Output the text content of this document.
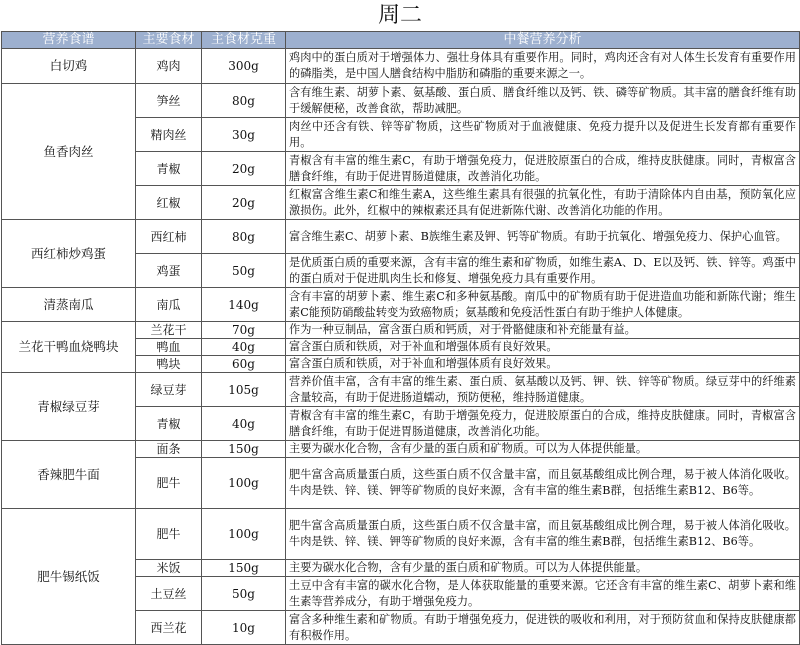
周二
营养食谱	主要食材	主食材克重	中餐营养分析
白切鸡	鸡肉	300g	鸡肉中的蛋白质对于增强体力、强壮身体具有重要作用。同时，鸡肉还含有对人体生长发育有重要作用的磷脂类，是中国人膳食结构中脂肪和磷脂的重要来源之一。
鱼香肉丝	笋丝	80g	含有维生素、胡萝卜素、氨基酸、蛋白质、膳食纤维以及钙、铁、磷等矿物质。其丰富的膳食纤维有助于缓解便秘，改善食欲，帮助减肥。
	精肉丝	30g	肉丝中还含有铁、锌等矿物质，这些矿物质对于血液健康、免疫力提升以及促进生长发育都有重要作用。
	青椒	20g	青椒含有丰富的维生素C，有助于增强免疫力，促进胶原蛋白的合成，维持皮肤健康。同时，青椒富含膳食纤维，有助于促进胃肠道健康，改善消化功能。
	红椒	20g	红椒富含维生素C和维生素A，这些维生素具有很强的抗氧化性，有助于清除体内自由基，预防氧化应激损伤。此外，红椒中的辣椒素还具有促进新陈代谢、改善消化功能的作用。
西红柿炒鸡蛋	西红柿	80g	富含维生素C、胡萝卜素、B族维生素及钾、钙等矿物质。有助于抗氧化、增强免疫力、保护心血管。
	鸡蛋	50g	是优质蛋白质的重要来源，含有丰富的维生素和矿物质，如维生素A、D、E以及钙、铁、锌等。鸡蛋中的蛋白质对于促进肌肉生长和修复、增强免疫力具有重要作用。
清蒸南瓜	南瓜	140g	含有丰富的胡萝卜素、维生素C和多种氨基酸。南瓜中的矿物质有助于促进造血功能和新陈代谢；维生素C能预防硝酸盐转变为致癌物质；氨基酸和免疫活性蛋白有助于维护人体健康。
兰花干鸭血烧鸭块	兰花干	70g	作为一种豆制品，富含蛋白质和钙质，对于骨骼健康和补充能量有益。
	鸭血	40g	富含蛋白质和铁质，对于补血和增强体质有良好效果。
	鸭块	60g	富含蛋白质和铁质，对于补血和增强体质有良好效果。
青椒绿豆芽	绿豆芽	105g	营养价值丰富，含有丰富的维生素、蛋白质、氨基酸以及钙、钾、铁、锌等矿物质。绿豆芽中的纤维素含量较高，有助于促进肠道蠕动，预防便秘，维持肠道健康。
	青椒	40g	青椒含有丰富的维生素C，有助于增强免疫力，促进胶原蛋白的合成，维持皮肤健康。同时，青椒富含膳食纤维，有助于促进胃肠道健康，改善消化功能。
香辣肥牛面	面条	150g	主要为碳水化合物，含有少量的蛋白质和矿物质。可以为人体提供能量。
	肥牛	100g	肥牛富含高质量蛋白质，这些蛋白质不仅含量丰富，而且氨基酸组成比例合理，易于被人体消化吸收。牛肉是铁、锌、镁、钾等矿物质的良好来源，含有丰富的维生素B群，包括维生素B12、B6等。
肥牛锡纸饭	肥牛	100g	肥牛富含高质量蛋白质，这些蛋白质不仅含量丰富，而且氨基酸组成比例合理，易于被人体消化吸收。牛肉是铁、锌、镁、钾等矿物质的良好来源，含有丰富的维生素B群，包括维生素B12、B6等。
	米饭	150g	主要为碳水化合物，含有少量的蛋白质和矿物质。可以为人体提供能量。
	土豆丝	50g	土豆中含有丰富的碳水化合物，是人体获取能量的重要来源。它还含有丰富的维生素C、胡萝卜素和维生素等营养成分，有助于增强免疫力。
	西兰花	10g	富含多种维生素和矿物质。有助于增强免疫力，促进铁的吸收和利用，对于预防贫血和保持皮肤健康都有积极作用。
